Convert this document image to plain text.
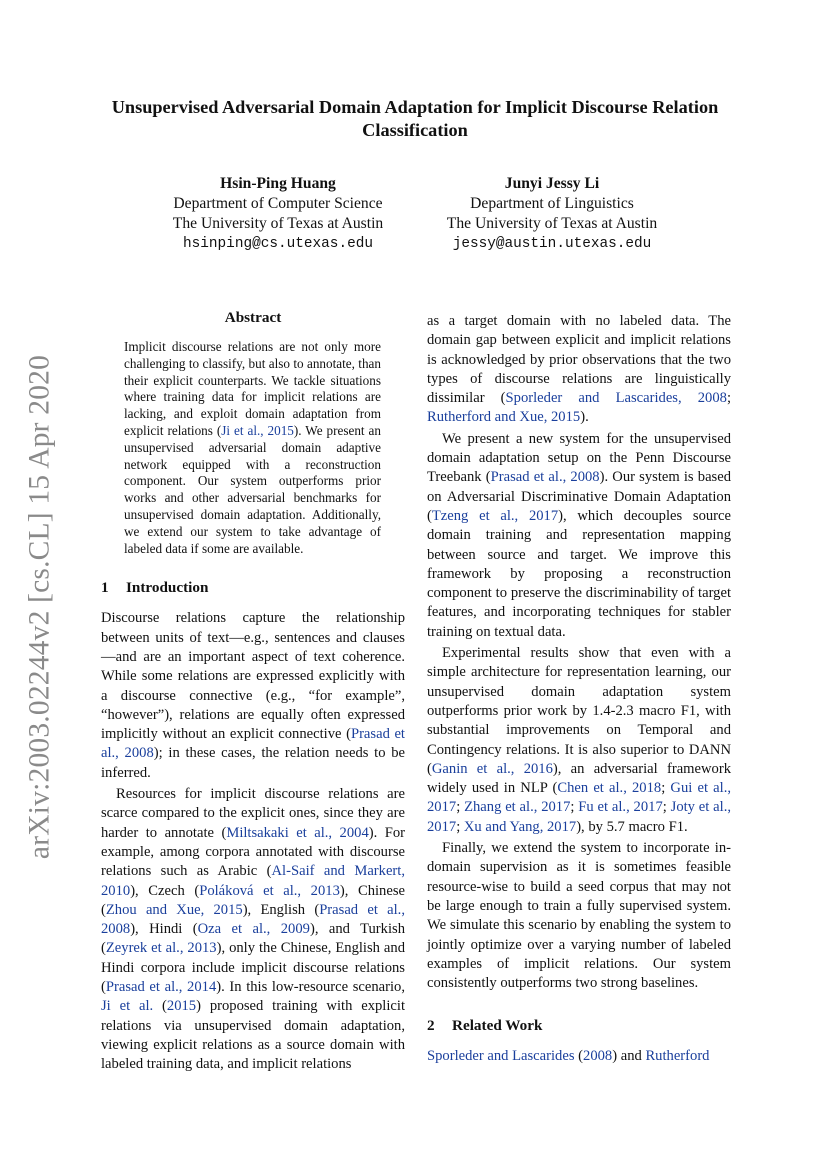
arXiv:2003.02244v2 [cs.CL] 15 Apr 2020
Unsupervised Adversarial Domain Adaptation for Implicit Discourse Relation Classification
Hsin-Ping Huang
Department of Computer Science
The University of Texas at Austin
hsinping@cs.utexas.edu
Junyi Jessy Li
Department of Linguistics
The University of Texas at Austin
jessy@austin.utexas.edu
Abstract

Implicit discourse relations are not only more challenging to classify, but also to annotate, than their explicit counterparts. We tackle situations where training data for implicit relations are lacking, and exploit domain adaptation from explicit relations (Ji et al., 2015). We present an unsupervised adversarial domain adaptive network equipped with a reconstruction component. Our system outperforms prior works and other adversarial benchmarks for unsupervised domain adaptation. Additionally, we extend our system to take advantage of labeled data if some are available.

1 Introduction

Discourse relations capture the relationship between units of text—e.g., sentences and clauses—and are an important aspect of text coherence. While some relations are expressed explicitly with a discourse connective (e.g., “for example”, “however”), relations are equally often expressed implicitly without an explicit connective (Prasad et al., 2008); in these cases, the relation needs to be inferred.

Resources for implicit discourse relations are scarce compared to the explicit ones, since they are harder to annotate (Miltsakaki et al., 2004). For example, among corpora annotated with discourse relations such as Arabic (Al-Saif and Markert, 2010), Czech (Poláková et al., 2013), Chinese (Zhou and Xue, 2015), English (Prasad et al., 2008), Hindi (Oza et al., 2009), and Turkish (Zeyrek et al., 2013), only the Chinese, English and Hindi corpora include implicit discourse relations (Prasad et al., 2014). In this low-resource scenario, Ji et al. (2015) proposed training with explicit relations via unsupervised domain adaptation, viewing explicit relations as a source domain with labeled training data, and implicit relations

as a target domain with no labeled data. The domain gap between explicit and implicit relations is acknowledged by prior observations that the two types of discourse relations are linguistically dissimilar (Sporleder and Lascarides, 2008; Rutherford and Xue, 2015).

We present a new system for the unsupervised domain adaptation setup on the Penn Discourse Treebank (Prasad et al., 2008). Our system is based on Adversarial Discriminative Domain Adaptation (Tzeng et al., 2017), which decouples source domain training and representation mapping between source and target. We improve this framework by proposing a reconstruction component to preserve the discriminability of target features, and incorporating techniques for stabler training on textual data.

Experimental results show that even with a simple architecture for representation learning, our unsupervised domain adaptation system outperforms prior work by 1.4-2.3 macro F1, with substantial improvements on Temporal and Contingency relations. It is also superior to DANN (Ganin et al., 2016), an adversarial framework widely used in NLP (Chen et al., 2018; Gui et al., 2017; Zhang et al., 2017; Fu et al., 2017; Joty et al., 2017; Xu and Yang, 2017), by 5.7 macro F1.

Finally, we extend the system to incorporate in-domain supervision as it is sometimes feasible resource-wise to build a seed corpus that may not be large enough to train a fully supervised system. We simulate this scenario by enabling the system to jointly optimize over a varying number of labeled examples of implicit relations. Our system consistently outperforms two strong baselines.

2 Related Work

Sporleder and Lascarides (2008) and Rutherford
